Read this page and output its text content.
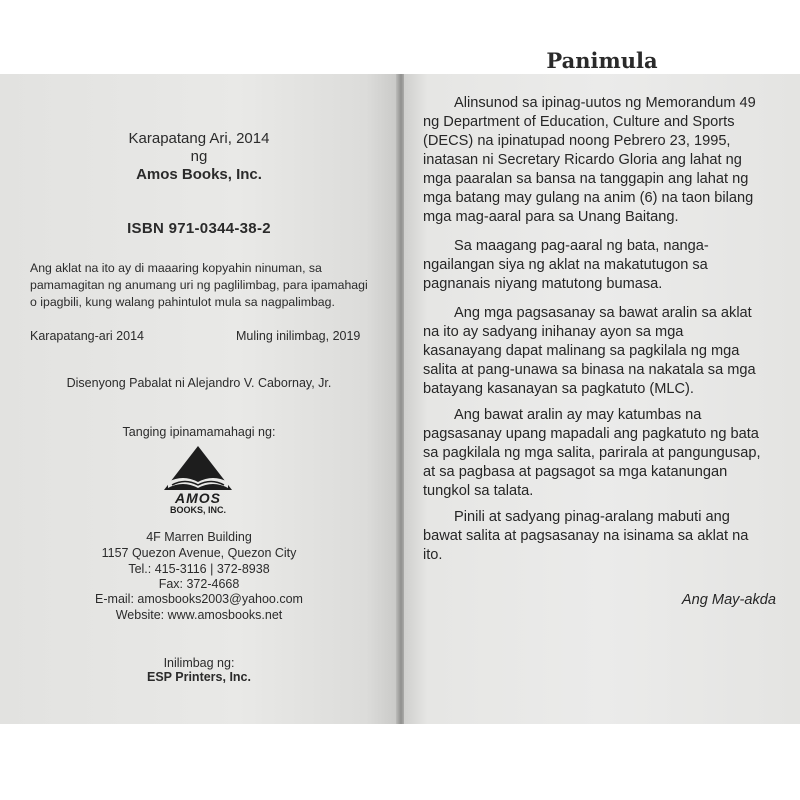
Karapatang Ari, 2014
ng
Amos Books, Inc.
ISBN 971-0344-38-2
Ang aklat na ito ay di maaaring kopyahin ninuman, sa
pamamagitan ng anumang uri ng paglilimbag, para ipamahagi
o ipagbili, kung walang pahintulot mula sa nagpalimbag.
Karapatang-ari 2014	Muling inilimbag, 2019
Disenyong Pabalat ni Alejandro V. Cabornay, Jr.
Tanging ipinamamahagi ng:
AMOS
BOOKS, INC.
4F Marren Building
1157 Quezon Avenue, Quezon City
Tel.: 415-3116 | 372-8938
Fax: 372-4668
E-mail: amosbooks2003@yahoo.com
Website: www.amosbooks.net
Inilimbag ng:
ESP Printers, Inc.
Panimula
Alinsunod sa ipinag-uutos ng Memorandum 49
ng Department of Education, Culture and Sports
(DECS) na ipinatupad noong Pebrero 23, 1995,
inatasan ni Secretary Ricardo Gloria ang lahat ng
mga paaralan sa bansa na tanggapin ang lahat ng
mga batang may gulang na anim (6) na taon bilang
mga mag-aaral para sa Unang Baitang.
Sa maagang pag-aaral ng bata, nanga-
ngailangan siya ng aklat na makatutugon sa
pagnanais niyang matutong bumasa.
Ang mga pagsasanay sa bawat aralin sa aklat
na ito ay sadyang inihanay ayon sa mga
kasanayang dapat malinang sa pagkilala ng mga
salita at pang-unawa sa binasa na nakatala sa mga
batayang kasanayan sa pagkatuto (MLC).
Ang bawat aralin ay may katumbas na
pagsasanay upang mapadali ang pagkatuto ng bata
sa pagkilala ng mga salita, parirala at pangungusap,
at sa pagbasa at pagsagot sa mga katanungan
tungkol sa talata.
Pinili at sadyang pinag-aralang mabuti ang
bawat salita at pagsasanay na isinama sa aklat na
ito.
Ang May-akda
